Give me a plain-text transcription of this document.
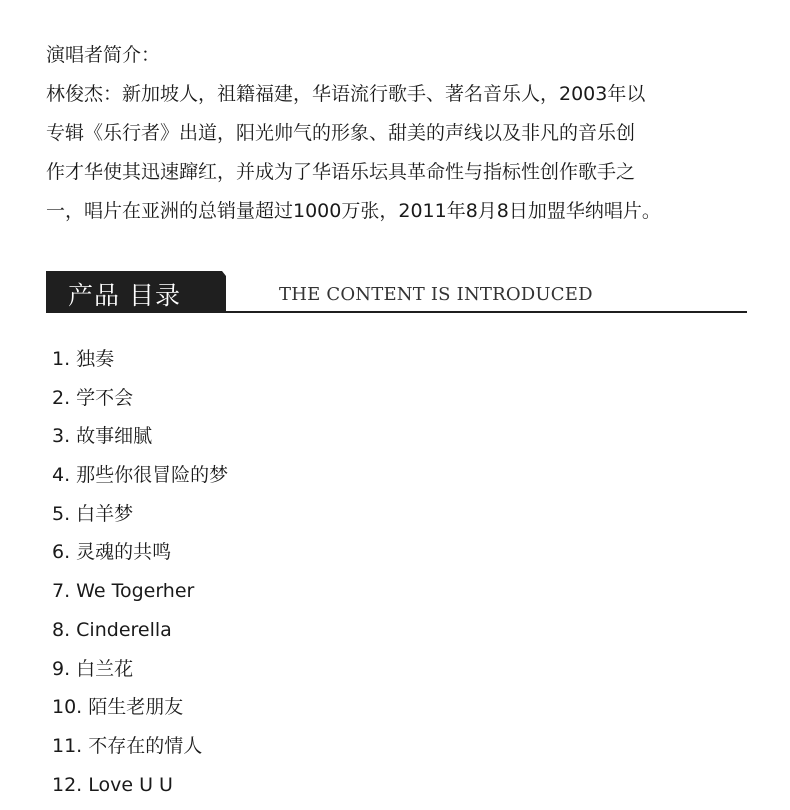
演唱者简介：
林俊杰：新加坡人，祖籍福建，华语流行歌手、著名音乐人，2003年以
专辑《乐行者》出道，阳光帅气的形象、甜美的声线以及非凡的音乐创
作才华使其迅速蹿红，并成为了华语乐坛具革命性与指标性创作歌手之
一，唱片在亚洲的总销量超过1000万张，2011年8月8日加盟华纳唱片。
产品 目录	THE CONTENT IS INTRODUCED
1. 独奏
2. 学不会
3. 故事细腻
4. 那些你很冒险的梦
5. 白羊梦
6. 灵魂的共鸣
7. We Togerher
8. Cinderella
9. 白兰花
10. 陌生老朋友
11. 不存在的情人
12. Love U U
